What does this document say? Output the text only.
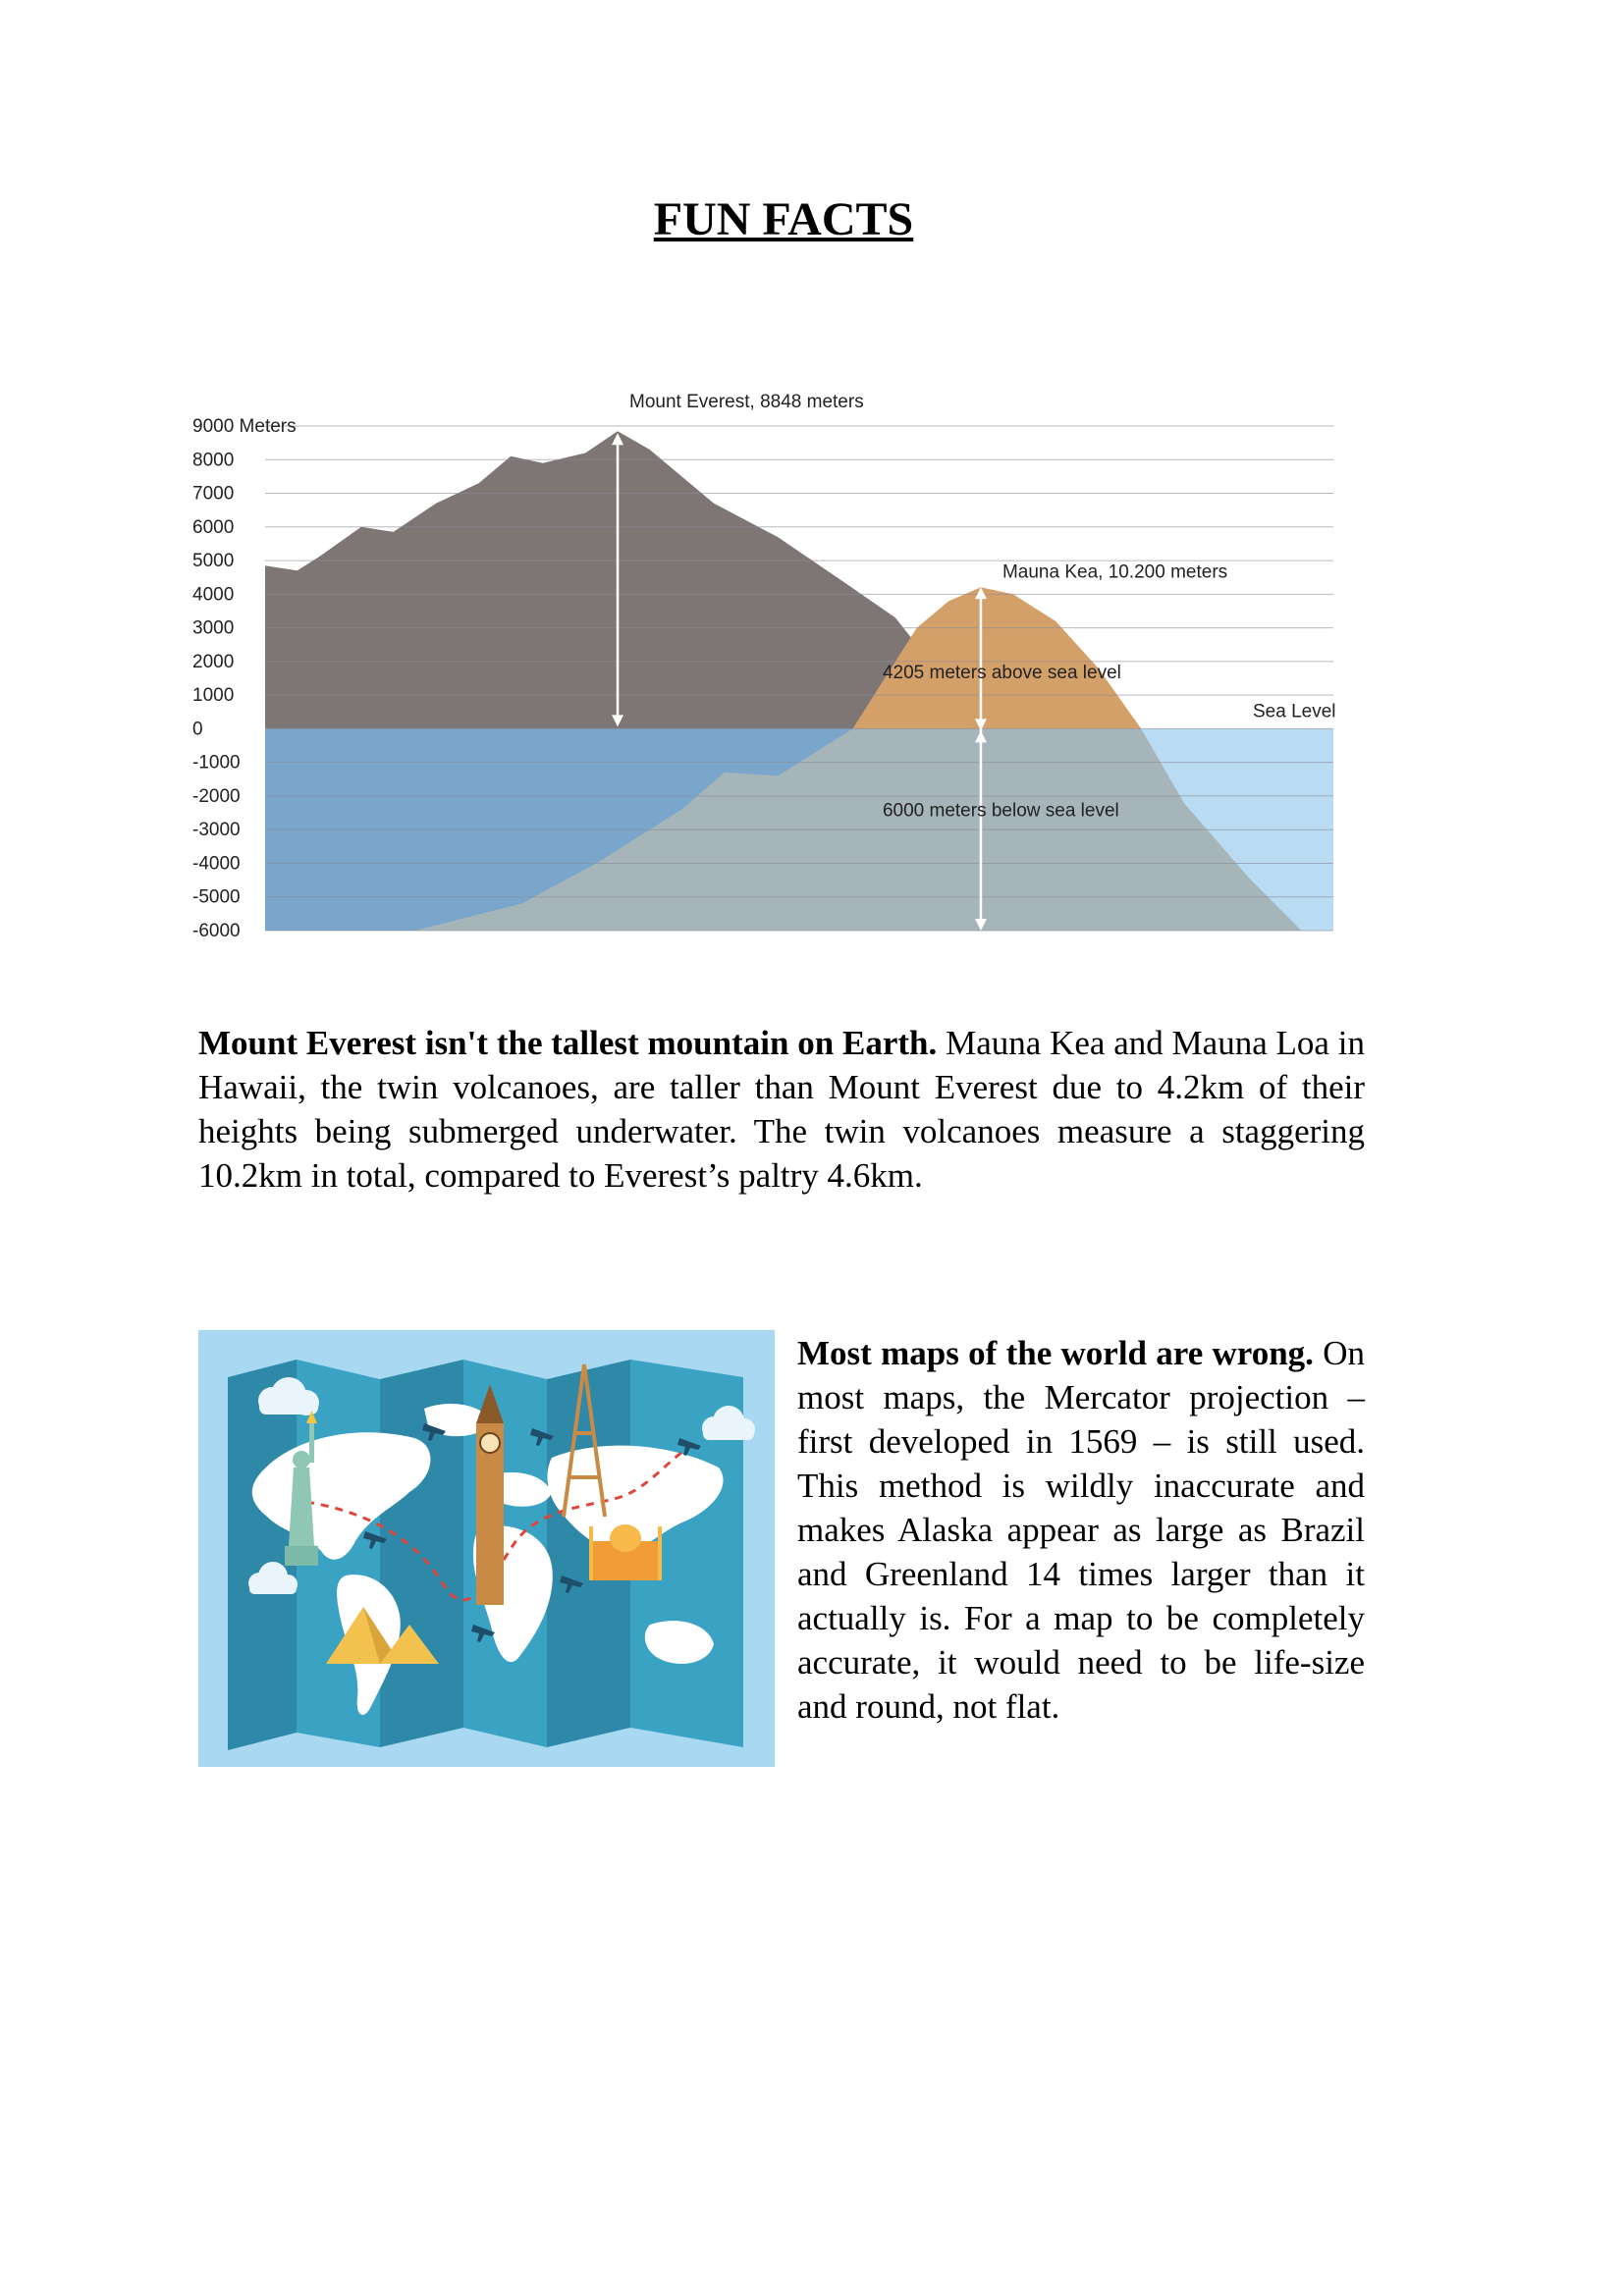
FUN FACTS
9000 Meters
8000
7000
6000
5000
4000
3000
2000
1000
0
-1000
-2000
-3000
-4000
-5000
-6000
Mount Everest, 8848 meters
Mauna Kea, 10.200 meters
4205 meters above sea level
6000 meters below sea level
Sea Level

Mount Everest isn't the tallest mountain on Earth. Mauna Kea and Mauna Loa in Hawaii, the twin volcanoes, are taller than Mount Everest due to 4.2km of their heights being submerged underwater. The twin volcanoes measure a staggering 10.2km in total, compared to Everest’s paltry 4.6km.

Most maps of the world are wrong. On most maps, the Mercator projection – first developed in 1569 – is still used. This method is wildly inaccurate and makes Alaska appear as large as Brazil and Greenland 14 times larger than it actually is. For a map to be completely accurate, it would need to be life-size and round, not flat.
